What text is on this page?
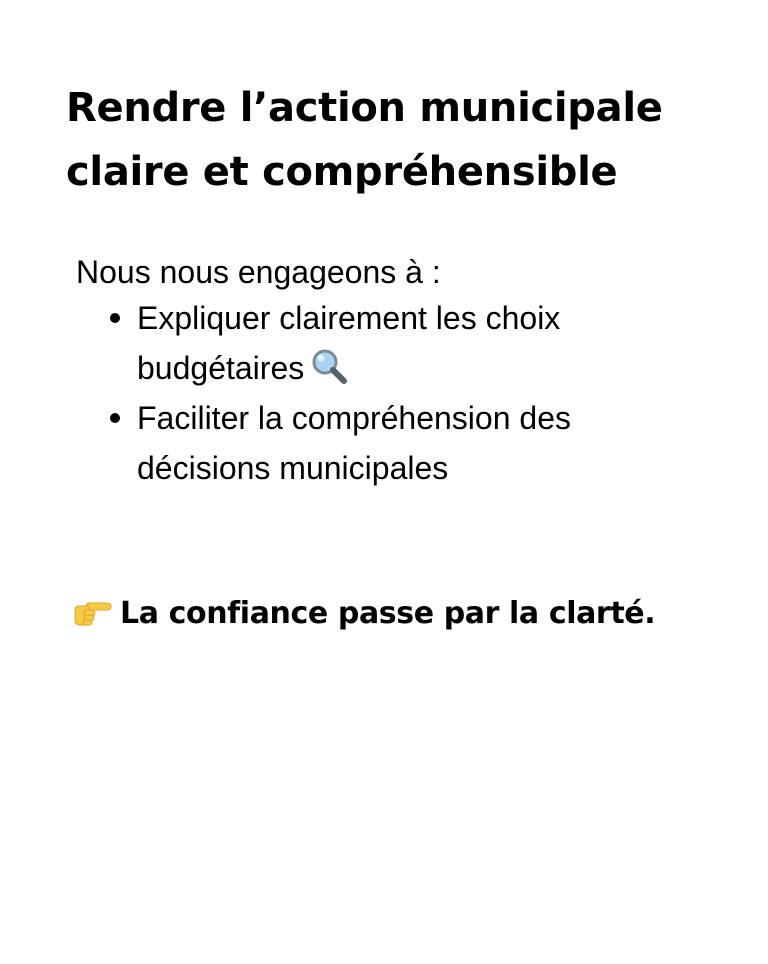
Rendre l’action municipale
claire et compréhensible

Nous nous engageons à :

Expliquer clairement les choix
budgétaires
Faciliter la compréhension des
décisions municipales
La confiance passe par la clarté.
